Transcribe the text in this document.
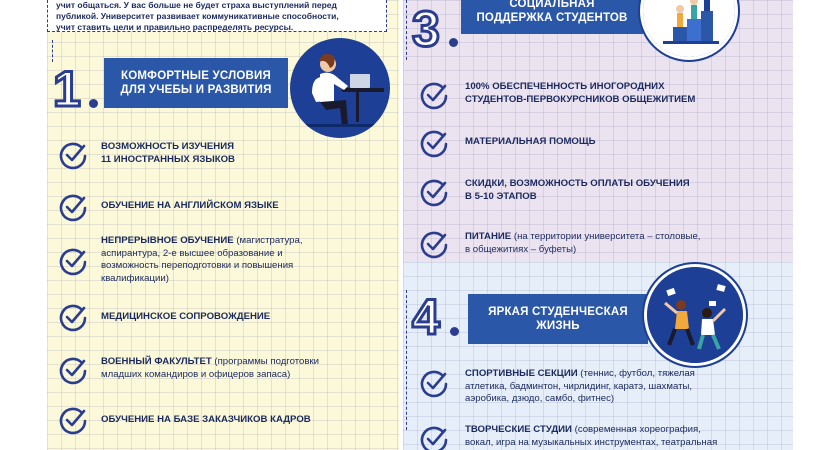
учит общаться. У вас больше не будет страха выступлений перед
публикой. Университет развивает коммуникативные способности,
учит ставить цели и правильно распределять ресурсы.
1	КОМФОРТНЫЕ УСЛОВИЯ
ДЛЯ УЧЕБЫ И РАЗВИТИЯ
ВОЗМОЖНОСТЬ ИЗУЧЕНИЯ
11 ИНОСТРАННЫХ ЯЗЫКОВ
ОБУЧЕНИЕ НА АНГЛИЙСКОМ ЯЗЫКЕ
НЕПРЕРЫВНОЕ ОБУЧЕНИЕ (магистратура,
аспирантура, 2-е высшее образование и
возможность переподготовки и повышения
квалификации)
МЕДИЦИНСКОЕ СОПРОВОЖДЕНИЕ
ВОЕННЫЙ ФАКУЛЬТЕТ (программы подготовки
младших командиров и офицеров запаса)
ОБУЧЕНИЕ НА БАЗЕ ЗАКАЗЧИКОВ КАДРОВ
3	СОЦИАЛЬНАЯ
ПОДДЕРЖКА СТУДЕНТОВ
100% ОБЕСПЕЧЕННОСТЬ ИНОГОРОДНИХ
СТУДЕНТОВ-ПЕРВОКУРСНИКОВ ОБЩЕЖИТИЕМ
МАТЕРИАЛЬНАЯ ПОМОЩЬ
СКИДКИ, ВОЗМОЖНОСТЬ ОПЛАТЫ ОБУЧЕНИЯ
В 5-10 ЭТАПОВ
ПИТАНИЕ (на территории университета – столовые,
в общежитиях – буфеты)
4	ЯРКАЯ СТУДЕНЧЕСКАЯ
ЖИЗНЬ
СПОРТИВНЫЕ СЕКЦИИ (теннис, футбол, тяжелая
атлетика, бадминтон, чирлидинг, каратэ, шахматы,
аэробика, дзюдо, самбо, фитнес)
ТВОРЧЕСКИЕ СТУДИИ (современная хореография,
вокал, игра на музыкальных инструментах, театральная
